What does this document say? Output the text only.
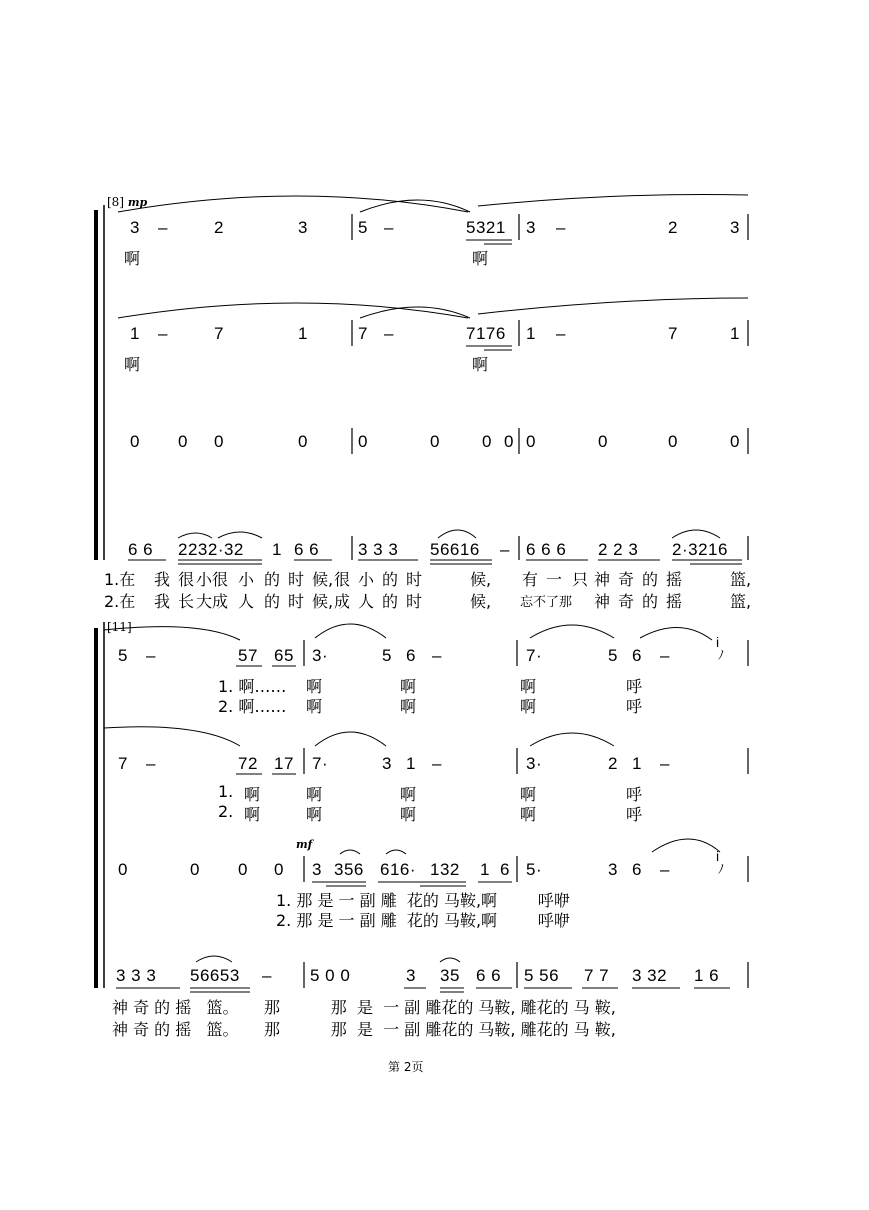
[8] mp
3 –	2	3	5 –	5321 3 –	2	3
啊	啊
1 –	7	1	7 –	7176 1 –	7	1
啊	啊
0 0 0	0	0	0 0 0 0	0	0	0
6 6 2232·32 1 6 6 3 3 3 56616 – 6 6 6 2 2 3 2·3216
1.在 我 很 小 很 小 的 时 候, 很 小 的 时	候, 有 一 只 神 奇 的 摇	篮,
2.在 我 长 大 成 人 的 时 候, 成 人 的 时	候, 忘不了那 神 奇 的 摇	篮,
[11]
5 –	57 65 3·	5 6 –	7·	5 6 –
i
ﾉ
1. 啊…… 啊	啊	啊	呼
2. 啊…… 啊	啊	啊	呼
7 –	72 17 7·	3 1 –	3·	2 1 –
1. 啊	啊	啊	啊	呼
2. 啊	啊	啊	啊	呼
mf
0	0 0 0 3 356 616· 132 1 6 5·	3 6 –
i
ﾉ
1. 那 是 一 副 雕  花的 马鞍,啊        呼咿
2. 那 是 一 副 雕  花的 马鞍,啊        呼咿
3 3 3 56653 – 5 0 0	3 35 6 6 5 56 7 7 3 32 1 6
神 奇 的 摇   篮。     那          那  是  一 副 雕花的 马鞍, 雕花的 马 鞍,
神 奇 的 摇   篮。     那          那  是  一 副 雕花的 马鞍, 雕花的 马 鞍,
第 2页
